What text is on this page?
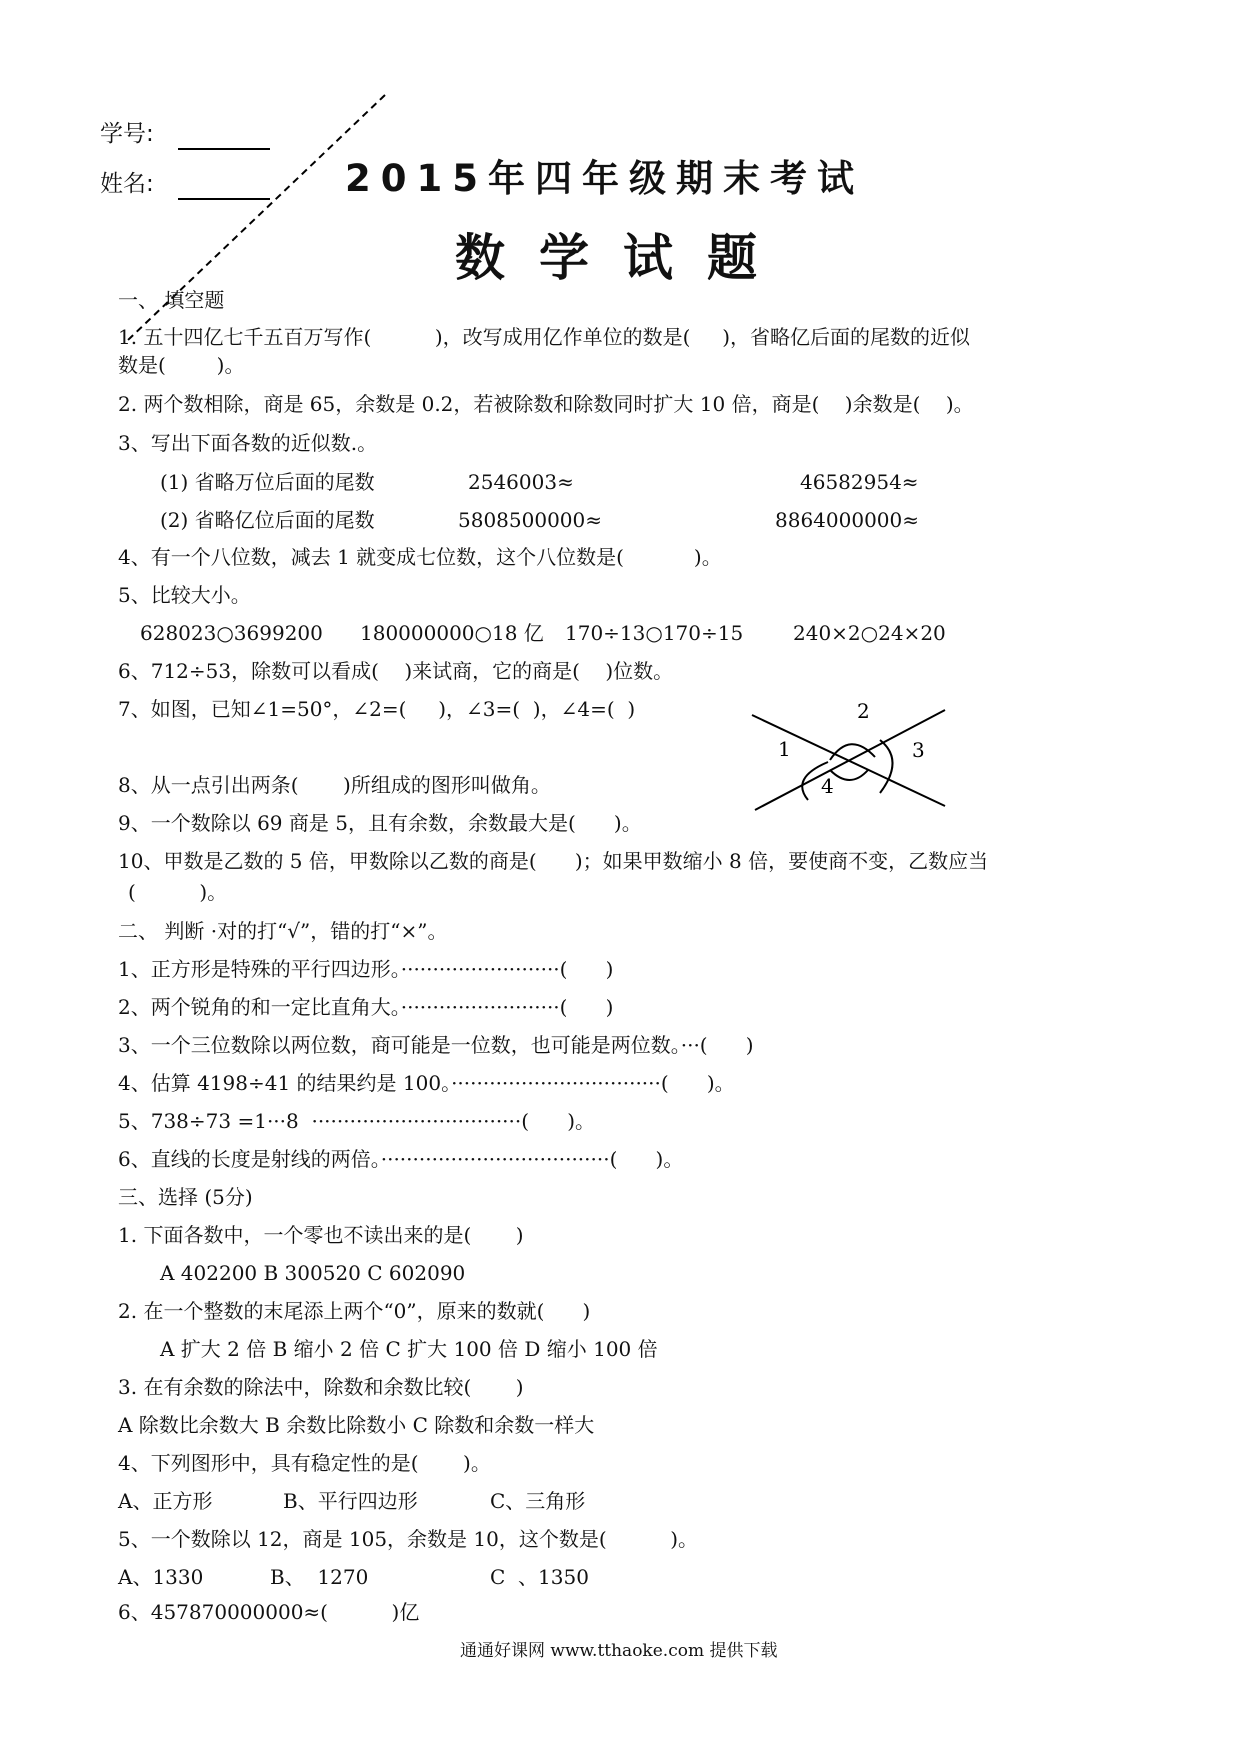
1
2
3
4
学号:
姓名:	2015年四年级期末考试
数学试题
一、 填空题
1. 五十四亿七千五百万写作(          )，改写成用亿作单位的数是(     )，省略亿后面的尾数的近似
数是(        )。
2. 两个数相除，商是 65，余数是 0.2，若被除数和除数同时扩大 10 倍，商是(    )余数是(    )。
3、写出下面各数的近似数.。
(1) 省略万位后面的尾数	2546003≈	46582954≈
(2) 省略亿位后面的尾数	5808500000≈	8864000000≈
4、有一个八位数，减去 1 就变成七位数，这个八位数是(           )。
5、比较大小。
628023○3699200 180000000○18 亿 170÷13○170÷15 240×2○24×20
6、712÷53，除数可以看成(    )来试商，它的商是(    )位数。
7、如图，已知∠1=50°，∠2=(     )，∠3=(  )，∠4=(  )
8、从一点引出两条(       )所组成的图形叫做角。
9、一个数除以 69 商是 5，且有余数，余数最大是(      )。
10、甲数是乙数的 5 倍，甲数除以乙数的商是(      )；如果甲数缩小 8 倍，要使商不变，乙数应当
(          )。
二、 判断 ·对的打“√”，错的打“×”。
1、正方形是特殊的平行四边形。·························(      )
2、两个锐角的和一定比直角大。·························(      )
3、一个三位数除以两位数，商可能是一位数，也可能是两位数。···(      )
4、估算 4198÷41 的结果约是 100。·································(      )。
5、738÷73 =1···8  ·································(      )。
6、直线的长度是射线的两倍。····································(      )。
三、选择 (5分)
1. 下面各数中，一个零也不读出来的是(       )
A 402200 B 300520 C 602090
2. 在一个整数的末尾添上两个“0”，原来的数就(      )
A 扩大 2 倍 B 缩小 2 倍 C 扩大 100 倍 D 缩小 100 倍
3. 在有余数的除法中，除数和余数比较(       )
A 除数比余数大 B 余数比除数小 C 除数和余数一样大
4、下列图形中，具有稳定性的是(       )。
A、正方形	B、平行四边形	C、三角形
5、一个数除以 12，商是 105，余数是 10，这个数是(          )。
A、1330	B、  1270	C  、1350
6、457870000000≈(          )亿
通通好课网 www.tthaoke.com 提供下载
